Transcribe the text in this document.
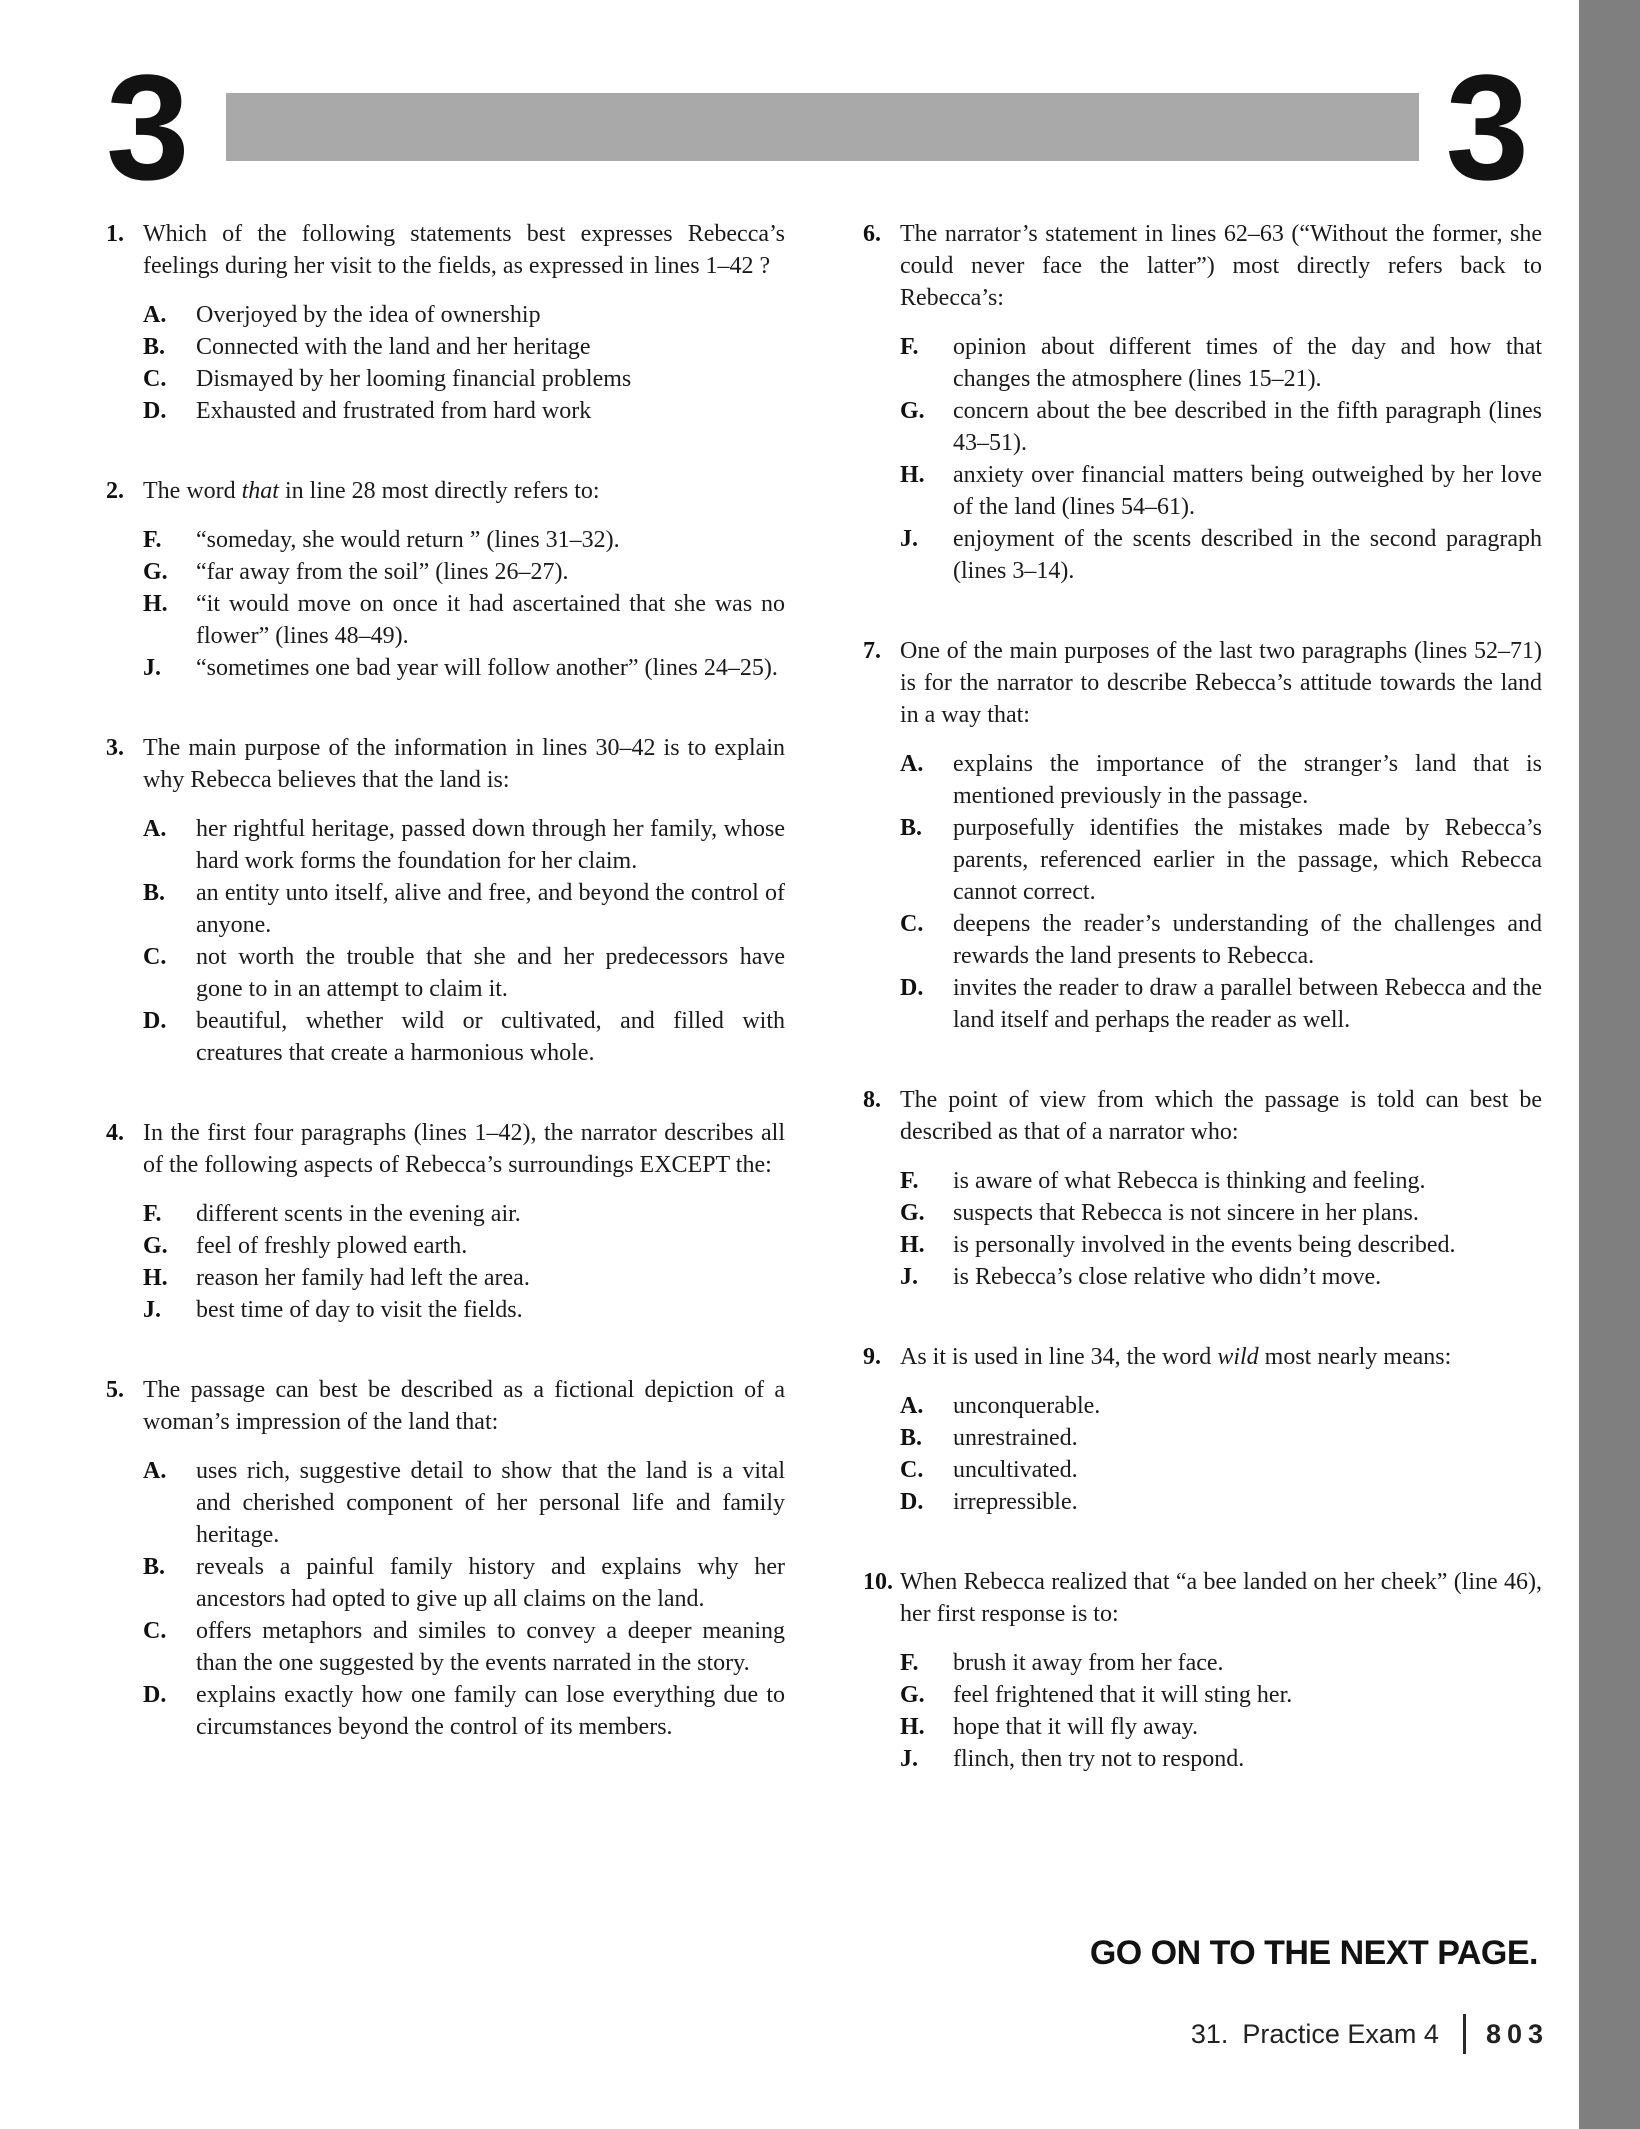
3	3
1. Which of the following statements best expresses Rebecca’s feelings during her visit to the fields, as expressed in lines 1–42 ?
A.	Overjoyed by the idea of ownership
B.	Connected with the land and her heritage
C.	Dismayed by her looming financial problems
D.	Exhausted and frustrated from hard work
2. The word that in line 28 most directly refers to:
F.	“someday, she would return ” (lines 31–32).
G.	“far away from the soil” (lines 26–27).
H.	“it would move on once it had ascertained that she was no flower” (lines 48–49).
J.	“sometimes one bad year will follow another” (lines 24–25).
3. The main purpose of the information in lines 30–42 is to explain why Rebecca believes that the land is:
A.	her rightful heritage, passed down through her family, whose hard work forms the foundation for her claim.
B.	an entity unto itself, alive and free, and beyond the control of anyone.
C.	not worth the trouble that she and her predecessors have gone to in an attempt to claim it.
D.	beautiful, whether wild or cultivated, and filled with creatures that create a harmonious whole.
4. In the first four paragraphs (lines 1–42), the narrator describes all of the following aspects of Rebecca’s surroundings EXCEPT the:
F.	different scents in the evening air.
G.	feel of freshly plowed earth.
H.	reason her family had left the area.
J.	best time of day to visit the fields.
5. The passage can best be described as a fictional depiction of a woman’s impression of the land that:
A.	uses rich, suggestive detail to show that the land is a vital and cherished component of her personal life and family heritage.
B.	reveals a painful family history and explains why her ancestors had opted to give up all claims on the land.
C.	offers metaphors and similes to convey a deeper meaning than the one suggested by the events narrated in the story.
D.	explains exactly how one family can lose everything due to circumstances beyond the control of its members.
6. The narrator’s statement in lines 62–63 (“Without the former, she could never face the latter”) most directly refers back to Rebecca’s:
F.	opinion about different times of the day and how that changes the atmosphere (lines 15–21).
G.	concern about the bee described in the fifth paragraph (lines 43–51).
H.	anxiety over financial matters being outweighed by her love of the land (lines 54–61).
J.	enjoyment of the scents described in the second paragraph (lines 3–14).
7. One of the main purposes of the last two paragraphs (lines 52–71) is for the narrator to describe Rebecca’s attitude towards the land in a way that:
A.	explains the importance of the stranger’s land that is mentioned previously in the passage.
B.	purposefully identifies the mistakes made by Rebecca’s parents, referenced earlier in the passage, which Rebecca cannot correct.
C.	deepens the reader’s understanding of the challenges and rewards the land presents to Rebecca.
D.	invites the reader to draw a parallel between Rebecca and the land itself and perhaps the reader as well.
8. The point of view from which the passage is told can best be described as that of a narrator who:
F.	is aware of what Rebecca is thinking and feeling.
G.	suspects that Rebecca is not sincere in her plans.
H.	is personally involved in the events being described.
J.	is Rebecca’s close relative who didn’t move.
9. As it is used in line 34, the word wild most nearly means:
A.	unconquerable.
B.	unrestrained.
C.	uncultivated.
D.	irrepressible.
10. When Rebecca realized that “a bee landed on her cheek” (line 46), her first response is to:
F.	brush it away from her face.
G.	feel frightened that it will sting her.
H.	hope that it will fly away.
J.	flinch, then try not to respond.
GO ON TO THE NEXT PAGE.
31. Practice Exam 4 803
